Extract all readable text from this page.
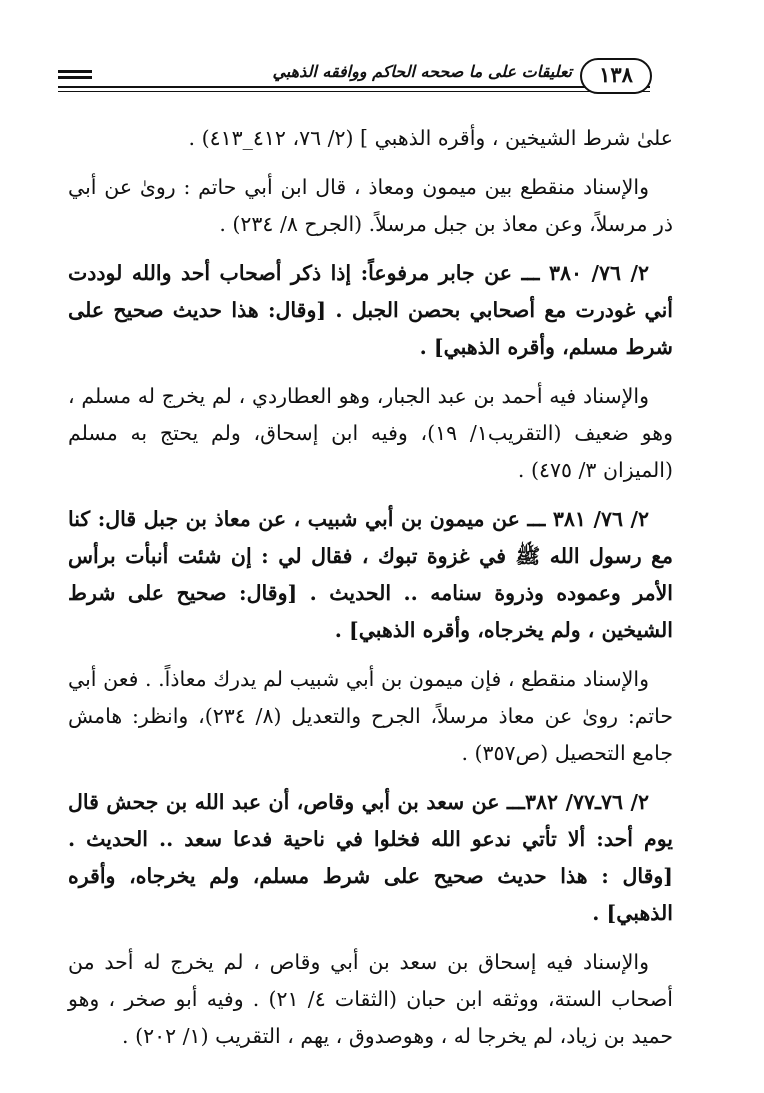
تعليقات على ما صححه الحاكم ووافقه الذهبي	١٣٨

علىٰ شرط الشيخين ، وأقره الذهبي ] (٢/ ٧٦، ٤١٢_٤١٣) .

والإسناد منقطع بين ميمون ومعاذ ، قال ابن أبي حاتم : رویٰ عن أبي ذر مرسلاً، وعن معاذ بن جبل مرسلاً. (الجرح ٨/ ٢٣٤) .

٢/ ٧٦/ ٣٨٠ ـــ عن جابر مرفوعاً: إذا ذكر أصحاب أحد والله لوددت أني غودرت مع أصحابي بحصن الجبل . [وقال: هذا حديث صحيح على شرط مسلم، وأقره الذهبي] .

والإسناد فيه أحمد بن عبد الجبار، وهو العطاردي ، لم يخرج له مسلم ، وهو ضعيف (التقريب١/ ١٩)، وفيه ابن إسحاق، ولم يحتج به مسلم (الميزان ٣/ ٤٧٥) .

٢/ ٧٦/ ٣٨١ ـــ عن ميمون بن أبي شبيب ، عن معاذ بن جبل قال: كنا مع رسول الله ﷺ في غزوة تبوك ، فقال لي : إن شئت أنبأت برأس الأمر وعموده وذروة سنامه .. الحديث . [وقال: صحيح على شرط الشيخين ، ولم يخرجاه، وأقره الذهبي] .

والإسناد منقطع ، فإن ميمون بن أبي شبيب لم يدرك معاذاً. . فعن أبي حاتم: روىٰ عن معاذ مرسلاً، الجرح والتعديل (٨/ ٢٣٤)، وانظر: هامش جامع التحصيل (ص٣٥٧) .

٢/ ٧٦ـ٧٧/ ٣٨٢ـــ عن سعد بن أبي وقاص، أن عبد الله بن جحش قال يوم أحد: ألا تأتي ندعو الله فخلوا في ناحية فدعا سعد .. الحديث . [وقال : هذا حديث صحيح على شرط مسلم، ولم يخرجاه، وأقره الذهبي] .

والإسناد فيه إسحاق بن سعد بن أبي وقاص ، لم يخرج له أحد من أصحاب الستة، ووثقه ابن حبان (الثقات ٤/ ٢١) . وفيه أبو صخر ، وهو حميد بن زياد، لم يخرجا له ، وهوصدوق ، يهم ، التقريب (١/ ٢٠٢) .
